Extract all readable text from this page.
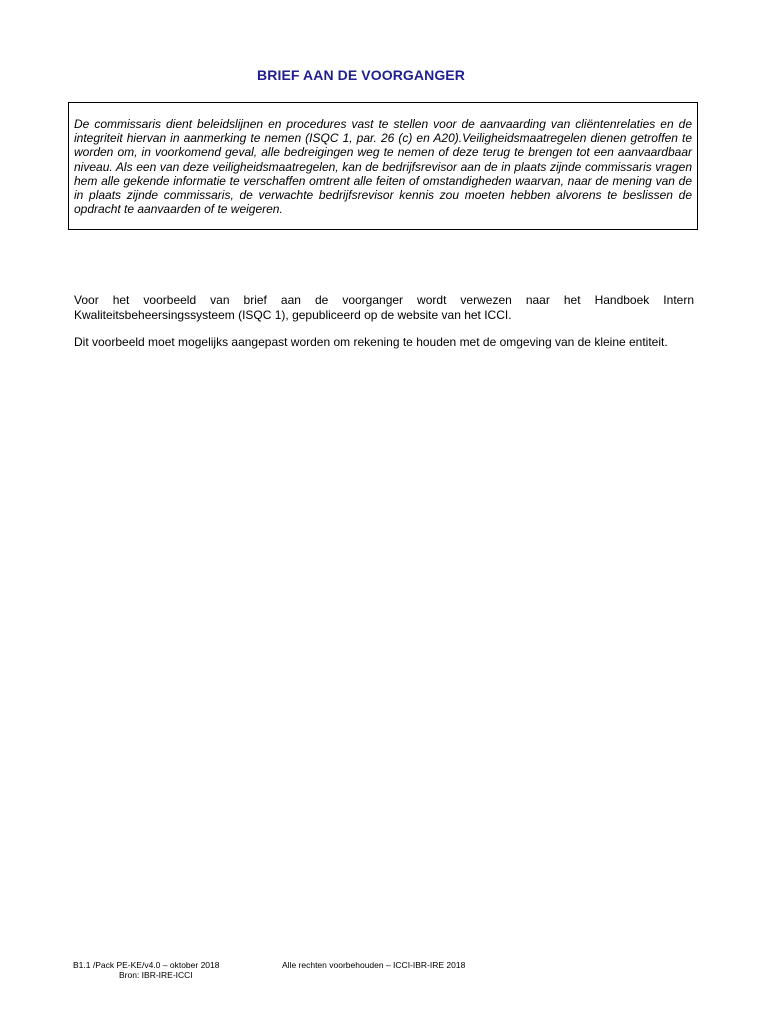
BRIEF AAN DE VOORGANGER

De commissaris dient beleidslijnen en procedures vast te stellen voor de aanvaarding van cliëntenrelaties en de integriteit hiervan in aanmerking te nemen (ISQC 1, par. 26 (c) en A20).Veiligheidsmaatregelen dienen getroffen te worden om, in voorkomend geval, alle bedreigingen weg te nemen of deze terug te brengen tot een aanvaardbaar niveau. Als een van deze veiligheidsmaatregelen, kan de bedrijfsrevisor aan de in plaats zijnde commissaris vragen hem alle gekende informatie te verschaffen omtrent alle feiten of omstandigheden waarvan, naar de mening van de in plaats zijnde commissaris, de verwachte bedrijfsrevisor kennis zou moeten hebben alvorens te beslissen de opdracht te aanvaarden of te weigeren.

Voor het voorbeeld van brief aan de voorganger wordt verwezen naar het Handboek Intern Kwaliteitsbeheersingssysteem (ISQC 1), gepubliceerd op de website van het ICCI.

Dit voorbeeld moet mogelijks aangepast worden om rekening te houden met de omgeving van de kleine entiteit.

B1.1 /Pack PE-KE/v4.0 – oktober 2018
Bron: IBR-IRE-ICCI
Alle rechten voorbehouden – ICCI-IBR-IRE 2018
